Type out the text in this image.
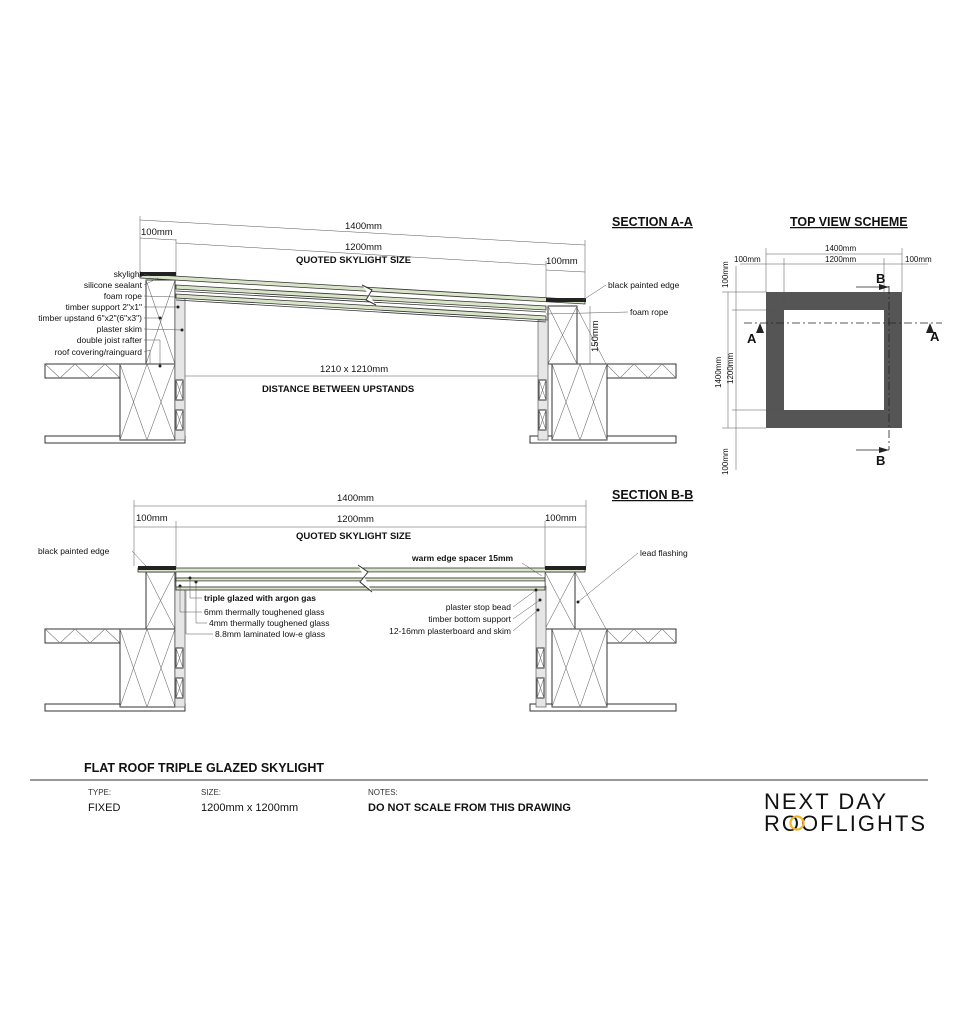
SECTION A-A
1400mm
1200mm
100mm
100mm
QUOTED SKYLIGHT SIZE
150mm
1210 x 1210mm
DISTANCE BETWEEN UPSTANDS
skylight
silicone sealant
foam rope
timber support 2"x1"
timber upstand 6"x2"(6"x3")
plaster skim
double joist rafter
roof covering/rainguard
black painted edge
foam rope
TOP VIEW SCHEME
1400mm
1200mm
100mm	100mm
1400mm 1200mm
100mm
100mm
A	A
B
B
SECTION B-B
1400mm
1200mm
100mm	100mm
QUOTED SKYLIGHT SIZE
black painted edge
warm edge spacer 15mm	lead flashing
triple glazed with argon gas
6mm thermally toughened glass
4mm thermally toughened glass
8.8mm laminated low-e glass
plaster stop bead
timber bottom support
12-16mm plasterboard and skim
FLAT ROOF TRIPLE GLAZED SKYLIGHT
TYPE:
FIXED
SIZE:
1200mm x 1200mm
NOTES:
DO NOT SCALE FROM THIS DRAWING	NEXT DAY
ROOFLIGHTS
